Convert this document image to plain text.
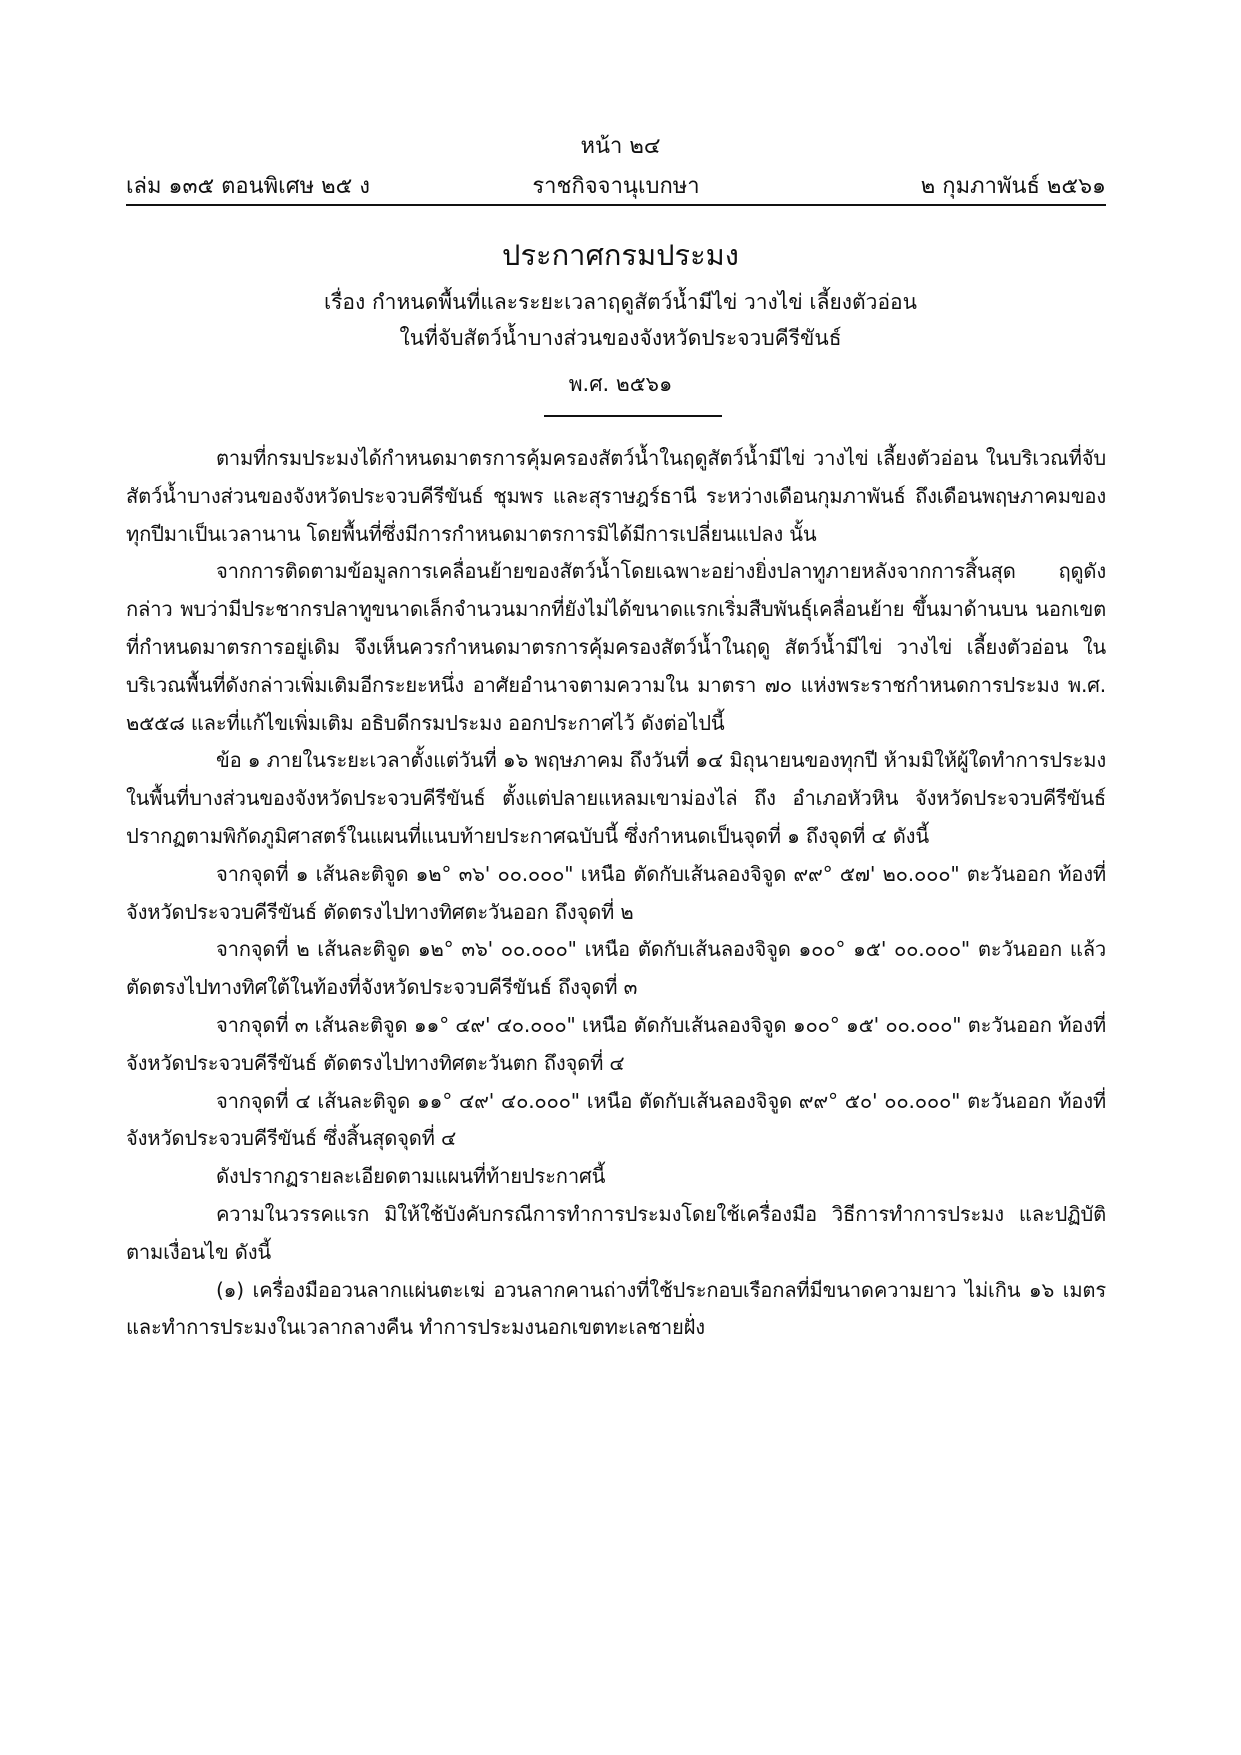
หน้า ๒๔
ราชกิจจานุเบกษา
เล่ม ๑๓๕ ตอนพิเศษ ๒๕ ง	๒ กุมภาพันธ์ ๒๕๖๑
ประกาศกรมประมง
เรื่อง กำหนดพื้นที่และระยะเวลาฤดูสัตว์น้ำมีไข่ วางไข่ เลี้ยงตัวอ่อน
ในที่จับสัตว์น้ำบางส่วนของจังหวัดประจวบคีรีขันธ์
พ.ศ. ๒๕๖๑

ตามที่กรมประมงได้กำหนดมาตรการคุ้มครองสัตว์น้ำในฤดูสัตว์น้ำมีไข่ วางไข่ เลี้ยงตัวอ่อน ในบริเวณที่จับสัตว์น้ำบางส่วนของจังหวัดประจวบคีรีขันธ์ ชุมพร และสุราษฎร์ธานี ระหว่างเดือนกุมภาพันธ์ ถึงเดือนพฤษภาคมของทุกปีมาเป็นเวลานาน โดยพื้นที่ซึ่งมีการกำหนดมาตรการมิได้มีการเปลี่ยนแปลง นั้น

จากการติดตามข้อมูลการเคลื่อนย้ายของสัตว์น้ำโดยเฉพาะอย่างยิ่งปลาทูภายหลังจากการสิ้นสุด ฤดูดังกล่าว พบว่ามีประชากรปลาทูขนาดเล็กจำนวนมากที่ยังไม่ได้ขนาดแรกเริ่มสืบพันธุ์เคลื่อนย้าย ขึ้นมาด้านบน นอกเขตที่กำหนดมาตรการอยู่เดิม จึงเห็นควรกำหนดมาตรการคุ้มครองสัตว์น้ำในฤดู สัตว์น้ำมีไข่ วางไข่ เลี้ยงตัวอ่อน ในบริเวณพื้นที่ดังกล่าวเพิ่มเติมอีกระยะหนึ่ง อาศัยอำนาจตามความใน มาตรา ๗๐ แห่งพระราชกำหนดการประมง พ.ศ. ๒๕๕๘ และที่แก้ไขเพิ่มเติม อธิบดีกรมประมง ออกประกาศไว้ ดังต่อไปนี้

ข้อ ๑ ภายในระยะเวลาตั้งแต่วันที่ ๑๖ พฤษภาคม ถึงวันที่ ๑๔ มิถุนายนของทุกปี ห้ามมิให้ผู้ใดทำการประมงในพื้นที่บางส่วนของจังหวัดประจวบคีรีขันธ์ ตั้งแต่ปลายแหลมเขาม่องไล่ ถึง อำเภอหัวหิน จังหวัดประจวบคีรีขันธ์ ปรากฏตามพิกัดภูมิศาสตร์ในแผนที่แนบท้ายประกาศฉบับนี้ ซึ่งกำหนดเป็นจุดที่ ๑ ถึงจุดที่ ๔ ดังนี้

จากจุดที่ ๑ เส้นละติจูด ๑๒° ๓๖' ๐๐.๐๐๐" เหนือ ตัดกับเส้นลองจิจูด ๙๙° ๕๗' ๒๐.๐๐๐" ตะวันออก ท้องที่จังหวัดประจวบคีรีขันธ์ ตัดตรงไปทางทิศตะวันออก ถึงจุดที่ ๒

จากจุดที่ ๒ เส้นละติจูด ๑๒° ๓๖' ๐๐.๐๐๐" เหนือ ตัดกับเส้นลองจิจูด ๑๐๐° ๑๕' ๐๐.๐๐๐" ตะวันออก แล้วตัดตรงไปทางทิศใต้ในท้องที่จังหวัดประจวบคีรีขันธ์ ถึงจุดที่ ๓

จากจุดที่ ๓ เส้นละติจูด ๑๑° ๔๙' ๔๐.๐๐๐" เหนือ ตัดกับเส้นลองจิจูด ๑๐๐° ๑๕' ๐๐.๐๐๐" ตะวันออก ท้องที่จังหวัดประจวบคีรีขันธ์ ตัดตรงไปทางทิศตะวันตก ถึงจุดที่ ๔

จากจุดที่ ๔ เส้นละติจูด ๑๑° ๔๙' ๔๐.๐๐๐" เหนือ ตัดกับเส้นลองจิจูด ๙๙° ๕๐' ๐๐.๐๐๐" ตะวันออก ท้องที่จังหวัดประจวบคีรีขันธ์ ซึ่งสิ้นสุดจุดที่ ๔

ดังปรากฏรายละเอียดตามแผนที่ท้ายประกาศนี้

ความในวรรคแรก มิให้ใช้บังคับกรณีการทำการประมงโดยใช้เครื่องมือ วิธีการทำการประมง และปฏิบัติตามเงื่อนไข ดังนี้

(๑) เครื่องมืออวนลากแผ่นตะเฆ่ อวนลากคานถ่างที่ใช้ประกอบเรือกลที่มีขนาดความยาว ไม่เกิน ๑๖ เมตร และทำการประมงในเวลากลางคืน ทำการประมงนอกเขตทะเลชายฝั่ง
